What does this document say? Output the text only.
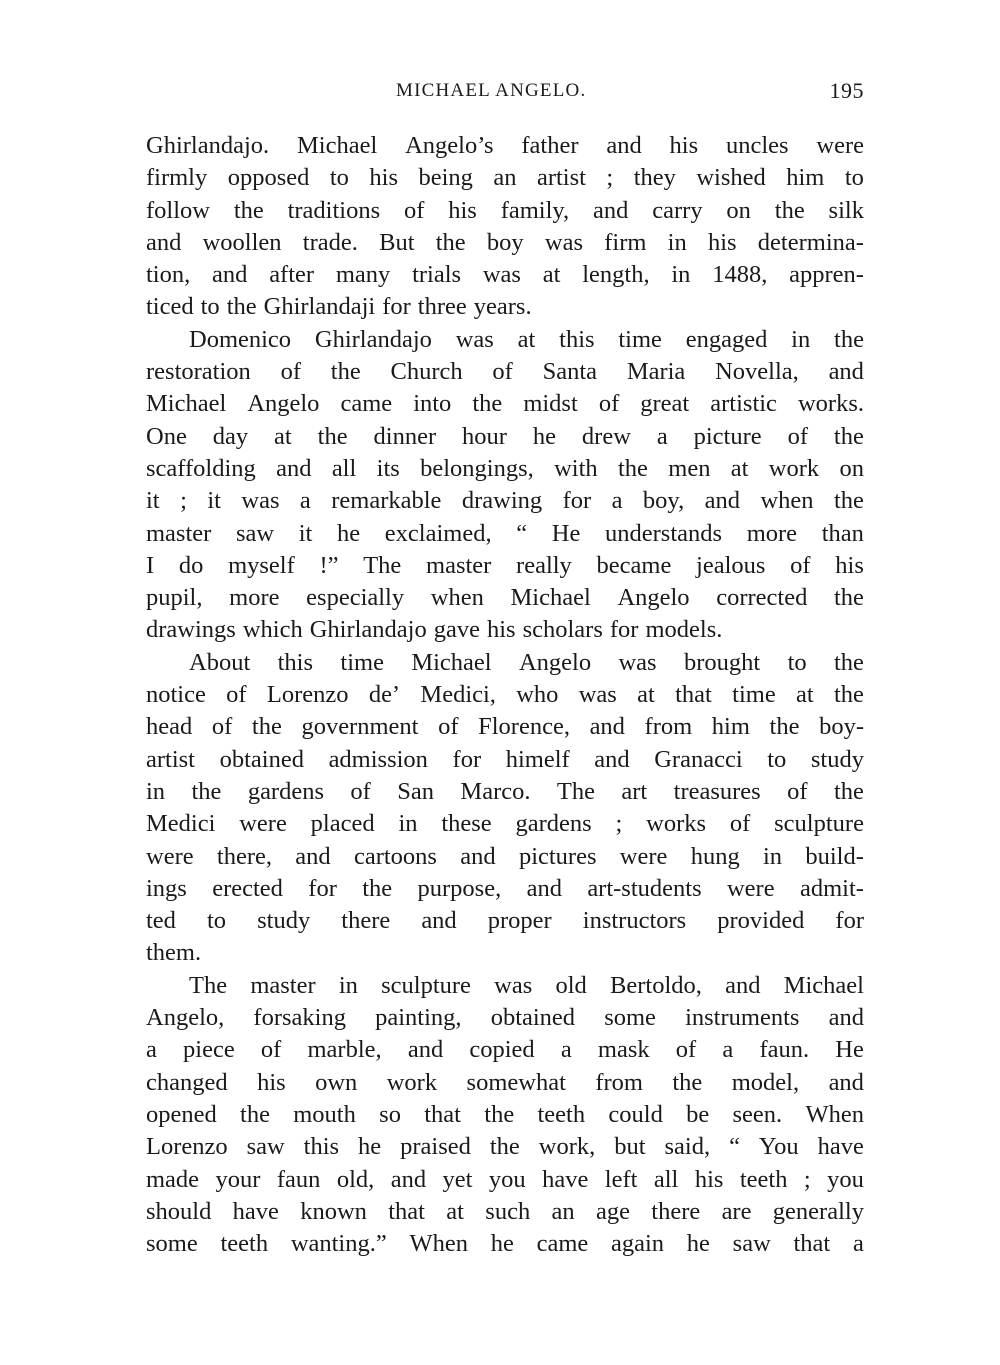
MICHAEL ANGELO.	195
Ghirlandajo. Michael Angelo’s father and his uncles were
firmly opposed to his being an artist ; they wished him to
follow the traditions of his family, and carry on the silk
and woollen trade. But the boy was firm in his determina-
tion, and after many trials was at length, in 1488, appren-
ticed to the Ghirlandaji for three years.
Domenico Ghirlandajo was at this time engaged in the
restoration of the Church of Santa Maria Novella, and
Michael Angelo came into the midst of great artistic works.
One day at the dinner hour he drew a picture of the
scaffolding and all its belongings, with the men at work on
it ; it was a remarkable drawing for a boy, and when the
master saw it he exclaimed, “ He understands more than
I do myself !” The master really became jealous of his
pupil, more especially when Michael Angelo corrected the
drawings which Ghirlandajo gave his scholars for models.
About this time Michael Angelo was brought to the
notice of Lorenzo de’ Medici, who was at that time at the
head of the government of Florence, and from him the boy-
artist obtained admission for himelf and Granacci to study
in the gardens of San Marco. The art treasures of the
Medici were placed in these gardens ; works of sculpture
were there, and cartoons and pictures were hung in build-
ings erected for the purpose, and art-students were admit-
ted to study there and proper instructors provided for
them.
The master in sculpture was old Bertoldo, and Michael
Angelo, forsaking painting, obtained some instruments and
a piece of marble, and copied a mask of a faun. He
changed his own work somewhat from the model, and
opened the mouth so that the teeth could be seen. When
Lorenzo saw this he praised the work, but said, “ You have
made your faun old, and yet you have left all his teeth ; you
should have known that at such an age there are generally
some teeth wanting.” When he came again he saw that a
